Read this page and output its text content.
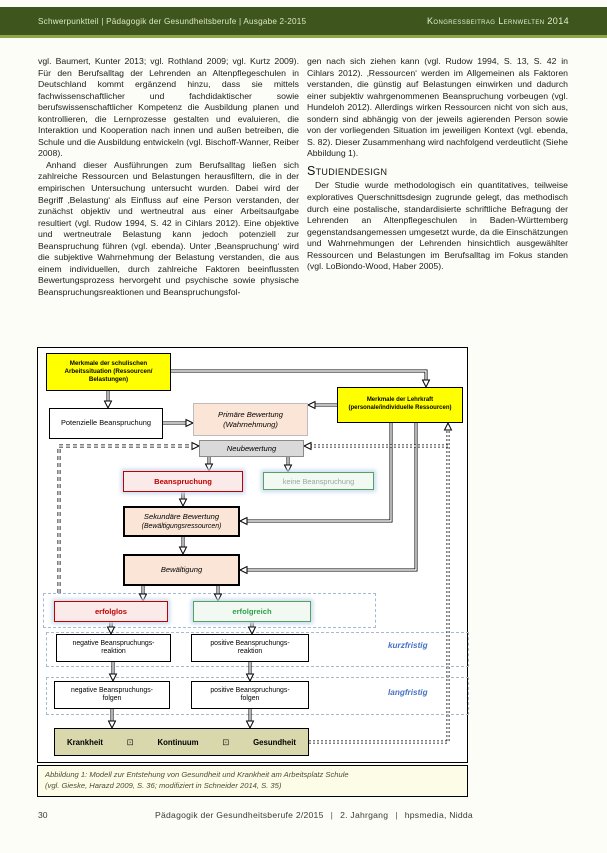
Schwerpunktteil | Pädagogik der Gesundheitsberufe | Ausgabe 2-2015	Kongressbeitrag Lernwelten 2014

vgl. Baumert, Kunter 2013; vgl. Rothland 2009; vgl. Kurtz 2009). Für den Berufsalltag der Lehrenden an Altenpflegeschulen in Deutschland kommt ergänzend hinzu, dass sie mittels fachwissenschaftlicher und fachdidaktischer sowie berufswissenschaftlicher Kompetenz die Ausbildung planen und kontrollieren, die Lernprozesse gestalten und evaluieren, die Interaktion und Kooperation nach innen und außen betreiben, die Schule und die Ausbildung entwickeln (vgl. Bischoff-Wanner, Reiber 2008).

Anhand dieser Ausführungen zum Berufsalltag ließen sich zahlreiche Ressourcen und Belastungen herausfiltern, die in der empirischen Untersuchung untersucht wurden. Dabei wird der Begriff ‚Belastung‘ als Einfluss auf eine Person verstanden, der zunächst objektiv und wertneutral aus einer Arbeitsaufgabe resultiert (vgl. Rudow 1994, S. 42 in Cihlars 2012). Eine objektive und wertneutrale Belastung kann jedoch potenziell zur Beanspruchung führen (vgl. ebenda). Unter ‚Beanspruchung‘ wird die subjektive Wahrnehmung der Belastung verstanden, die aus einem individuellen, durch zahlreiche Faktoren beeinflussten Bewertungsprozess hervorgeht und psychische sowie physische Beanspruchungsreaktionen und Beanspruchungsfol-

gen nach sich ziehen kann (vgl. Rudow 1994, S. 13, S. 42 in Cihlars 2012). ‚Ressourcen‘ werden im Allgemeinen als Faktoren verstanden, die günstig auf Belastungen einwirken und dadurch einer subjektiv wahrgenommenen Beanspruchung vorbeugen (vgl. Hundeloh 2012). Allerdings wirken Ressourcen nicht von sich aus, sondern sind abhängig von der jeweils agierenden Person sowie von der vorliegenden Situation im jeweiligen Kontext (vgl. ebenda, S. 82). Dieser Zusammenhang wird nachfolgend verdeutlicht (Siehe Abbildung 1).

Studiendesign

Der Studie wurde methodologisch ein quantitatives, teilweise exploratives Querschnittsdesign zugrunde gelegt, das methodisch durch eine postalische, standardisierte schriftliche Befragung der Lehrenden an Altenpflegeschulen in Baden-Württemberg gegenstandsangemessen umgesetzt wurde, da die Einschätzungen und Wahrnehmungen der Lehrenden hinsichtlich ausgewählter Ressourcen und Belastungen im Berufsalltag im Fokus standen (vgl. LoBiondo-Wood, Haber 2005).

Merkmale der schulischen Arbeitssituation (Ressourcen/ Belastungen)
Merkmale der Lehrkraft (personale/individuelle Ressourcen)
Potenzielle Beanspruchung
Primäre Bewertung
(Wahrnehmung)
Neubewertung
Beanspruchung	keine Beanspruchung
Sekundäre Bewertung
(Bewältigungsressourcen)
Bewältigung
erfolglos	erfolgreich
negative Beanspruchungs-
reaktion
positive Beanspruchungs-
reaktion
kurzfristig
negative Beanspruchungs-
folgen
positive Beanspruchungs-
folgen
langfristig
Krankheit	⊡	Kontinuum	⊡	Gesundheit
Abbildung 1: Modell zur Entstehung von Gesundheit und Krankheit am Arbeitsplatz Schule
(vgl. Gieske, Harazd 2009, S. 36; modifiziert in Schneider 2014, S. 35)
30	Pädagogik der Gesundheitsberufe 2/2015 | 2. Jahrgang | hpsmedia, Nidda
